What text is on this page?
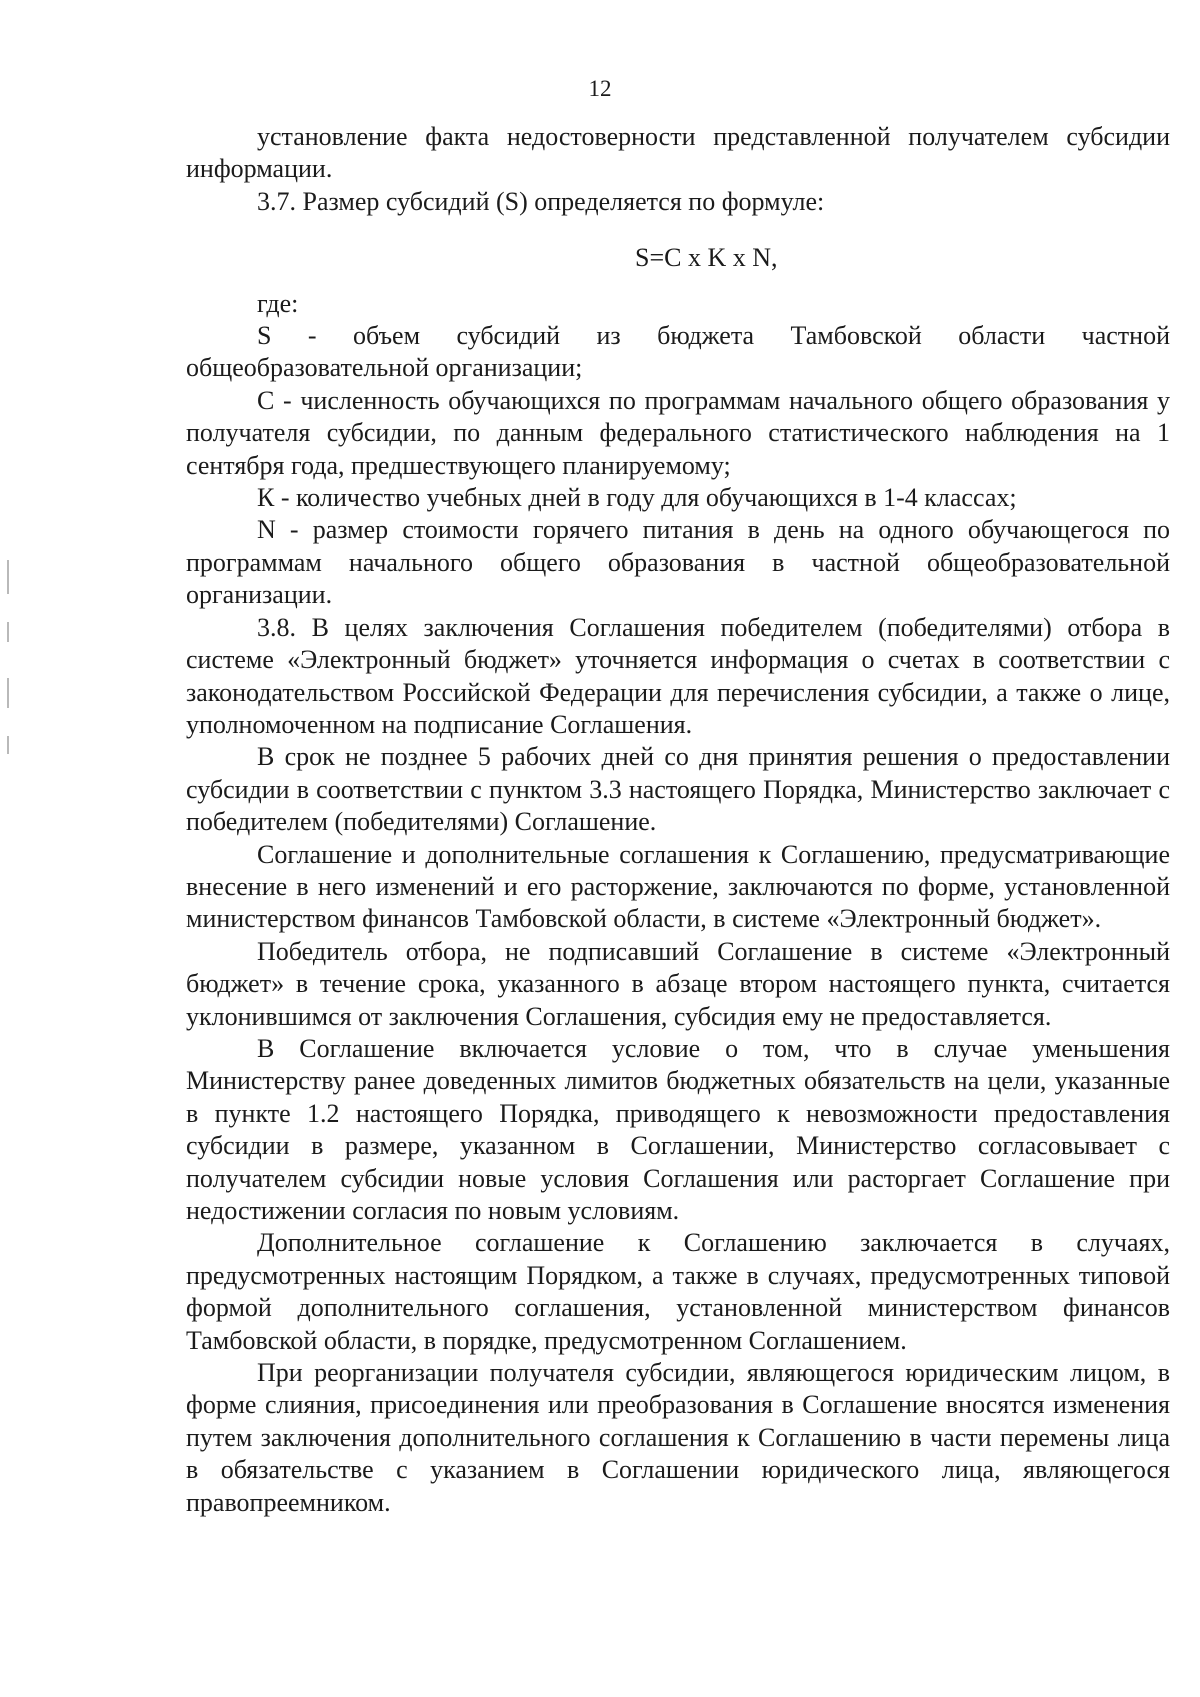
12

установление факта недостоверности представленной получателем субсидии информации.

3.7. Размер субсидий (S) определяется по формуле:

S=C x K x N,

где:

S - объем субсидий из бюджета Тамбовской области частной общеобразовательной организации;

С - численность обучающихся по программам начального общего образования у получателя субсидии, по данным федерального статистического наблюдения на 1 сентября года, предшествующего планируемому;

К - количество учебных дней в году для обучающихся в 1-4 классах;

N - размер стоимости горячего питания в день на одного обучающегося по программам начального общего образования в частной общеобразовательной организации.

3.8. В целях заключения Соглашения победителем (победителями) отбора в системе «Электронный бюджет» уточняется информация о счетах в соответствии с законодательством Российской Федерации для перечисления субсидии, а также о лице, уполномоченном на подписание Соглашения.

В срок не позднее 5 рабочих дней со дня принятия решения о предоставлении субсидии в соответствии с пунктом 3.3 настоящего Порядка, Министерство заключает с победителем (победителями) Соглашение.

Соглашение и дополнительные соглашения к Соглашению, предусматривающие внесение в него изменений и его расторжение, заключаются по форме, установленной министерством финансов Тамбовской области, в системе «Электронный бюджет».

Победитель отбора, не подписавший Соглашение в системе «Электронный бюджет» в течение срока, указанного в абзаце втором настоящего пункта, считается уклонившимся от заключения Соглашения, субсидия ему не предоставляется.

В Соглашение включается условие о том, что в случае уменьшения Министерству ранее доведенных лимитов бюджетных обязательств на цели, указанные в пункте 1.2 настоящего Порядка, приводящего к невозможности предоставления субсидии в размере, указанном в Соглашении, Министерство согласовывает с получателем субсидии новые условия Соглашения или расторгает Соглашение при недостижении согласия по новым условиям.

Дополнительное соглашение к Соглашению заключается в случаях, предусмотренных настоящим Порядком, а также в случаях, предусмотренных типовой формой дополнительного соглашения, установленной министерством финансов Тамбовской области, в порядке, предусмотренном Соглашением.

При реорганизации получателя субсидии, являющегося юридическим лицом, в форме слияния, присоединения или преобразования в Соглашение вносятся изменения путем заключения дополнительного соглашения к Соглашению в части перемены лица в обязательстве с указанием в Соглашении юридического лица, являющегося правопреемником.
